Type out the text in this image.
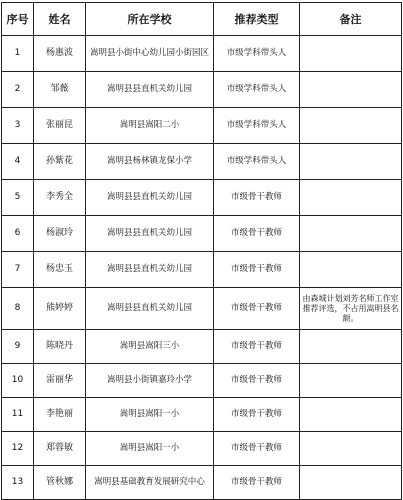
序号	姓名	所在学校	推荐类型	备注
1	杨惠波	嵩明县小街中心幼儿园小街园区	市级学科带头人	
2	邹薇	嵩明县县直机关幼儿园	市级学科带头人	
3	张丽昆	嵩明县嵩阳二小	市级学科带头人	
4	孙紫花	嵩明县杨林镇龙保小学	市级学科带头人	
5	李秀全	嵩明县县直机关幼儿园	市级骨干教师	
6	杨淑玲	嵩明县县直机关幼儿园	市级骨干教师	
7	杨忠玉	嵩明县县直机关幼儿园	市级骨干教师	
8	熊婷婷	嵩明县县直机关幼儿园	市级骨干教师	由森城计划刘芳名师工作室推荐评选，不占用嵩明县名额。
9	陈晓丹	嵩明县嵩阳三小	市级骨干教师	
10	雷丽华	嵩明县小街镇嘉玲小学	市级骨干教师	
11	李艳丽	嵩明县嵩阳一小	市级骨干教师	
12	郑蓉敏	嵩明县嵩阳一小	市级骨干教师	
13	管秋娜	嵩明县基础教育发展研究中心	市级骨干教师	
